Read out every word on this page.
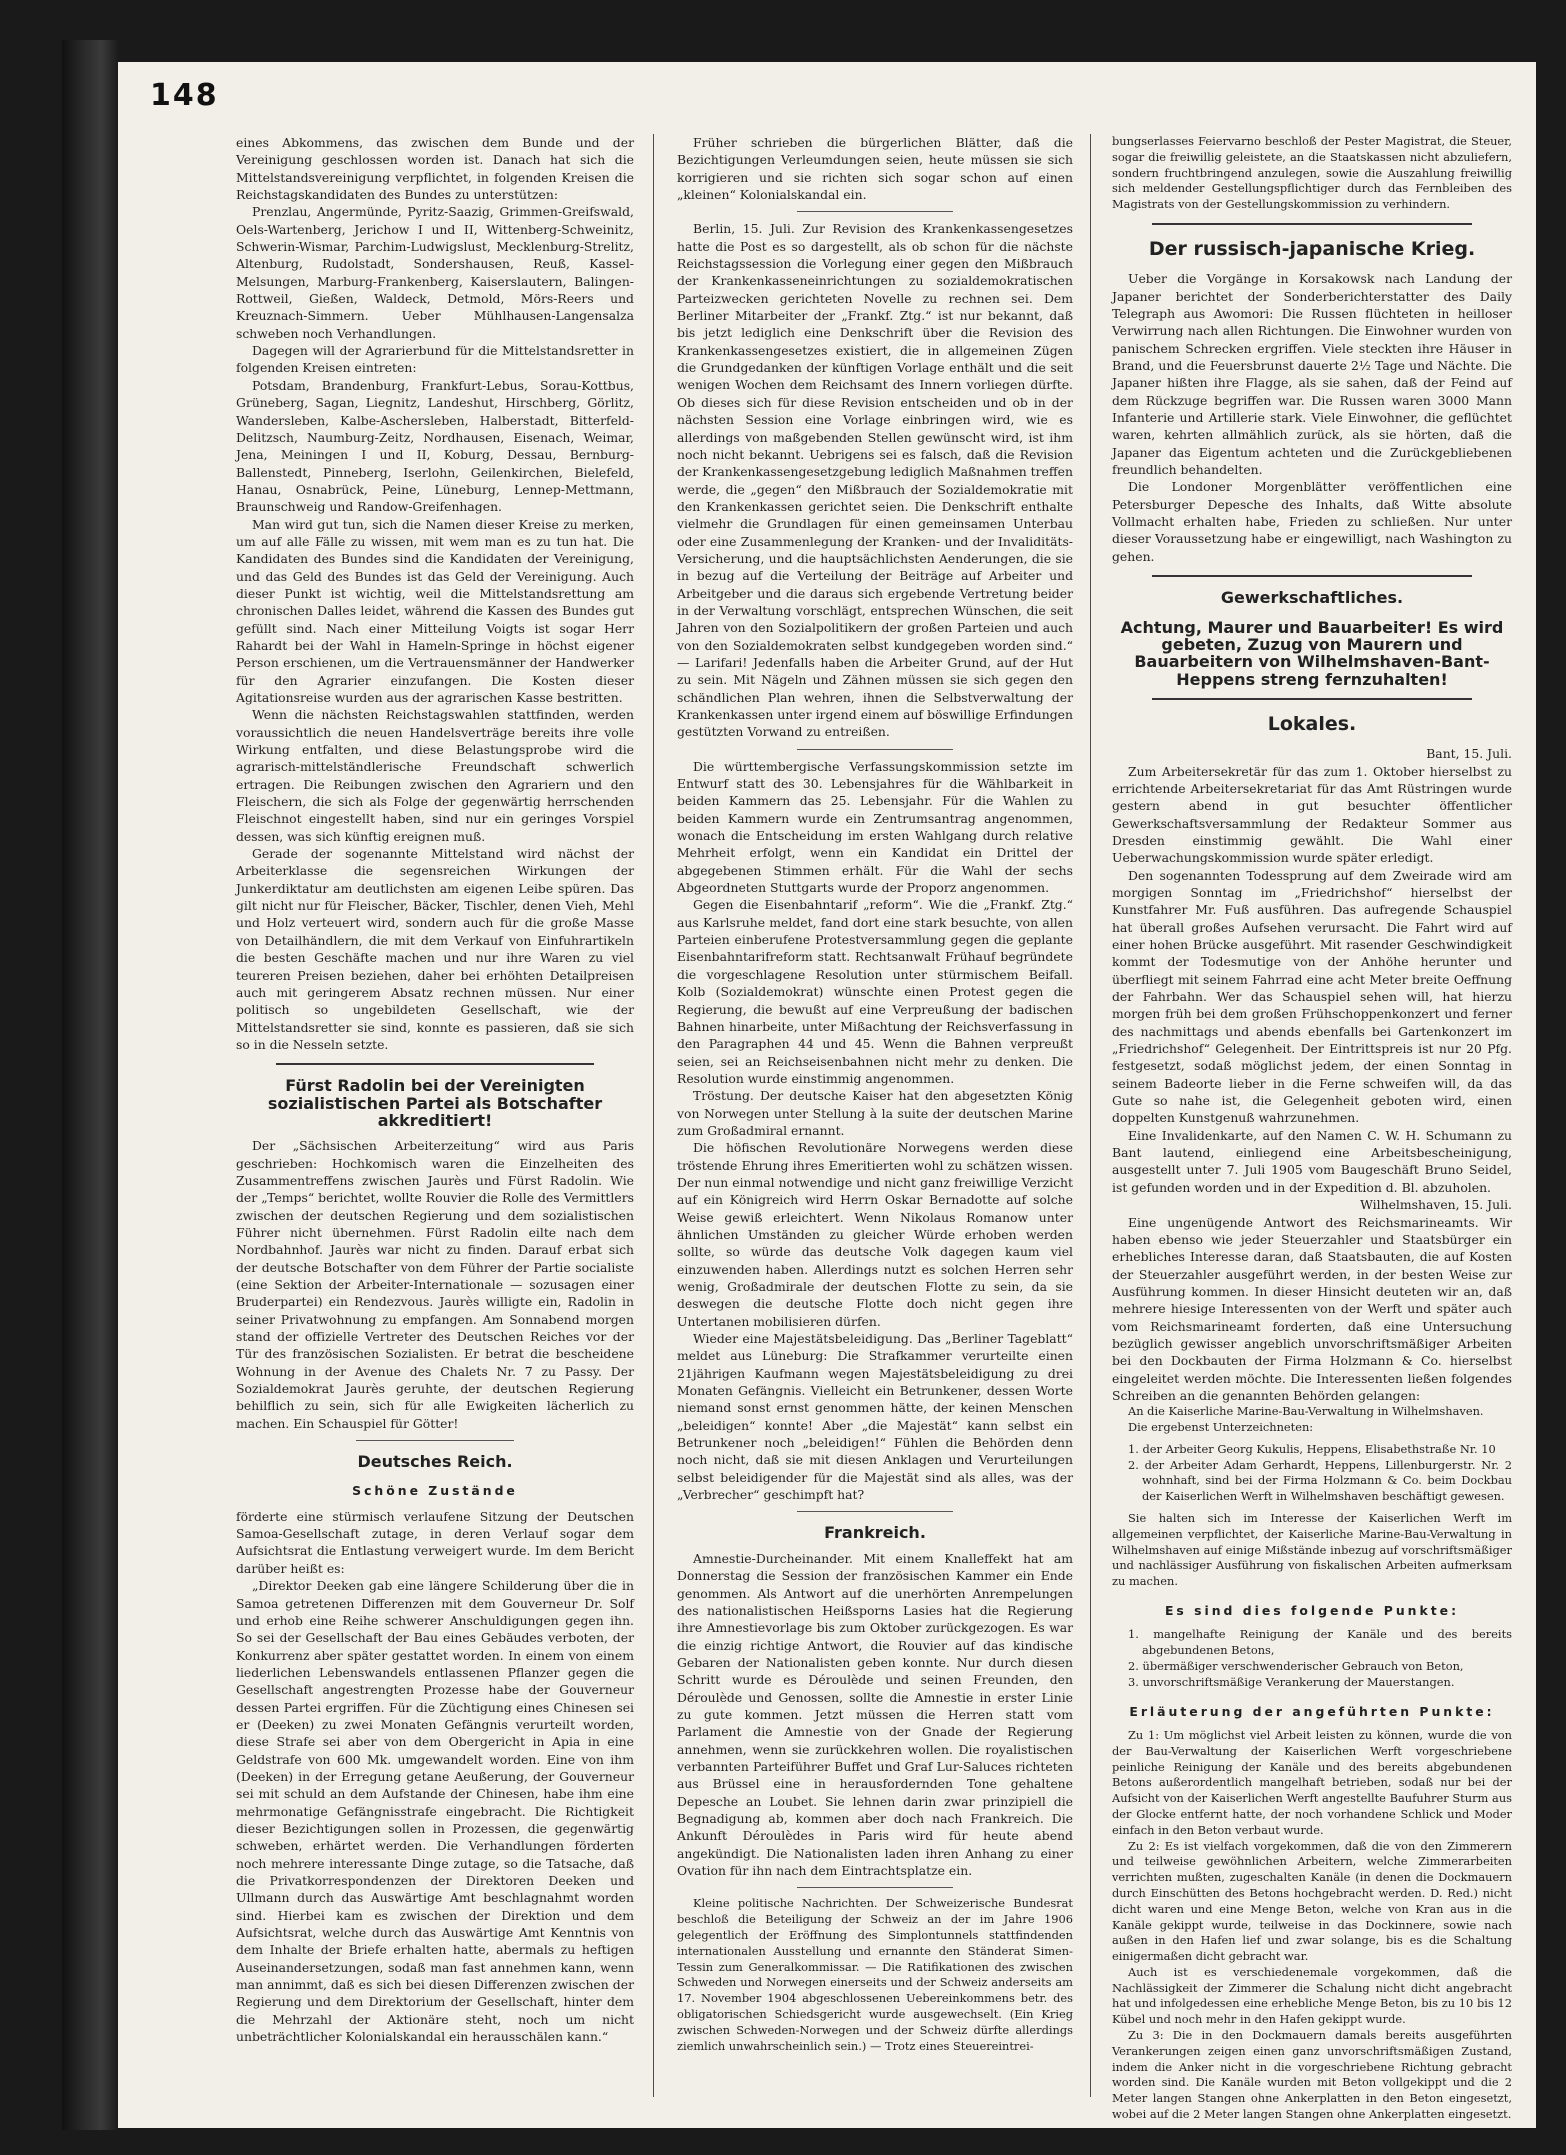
148

eines Abkommens, das zwischen dem Bunde und der Vereinigung geschlossen worden ist. Danach hat sich die Mittelstandsvereinigung verpflichtet, in folgenden Kreisen die Reichstagskandidaten des Bundes zu unterstützen:

Prenzlau, Angermünde, Pyritz-Saazig, Grimmen-Greifswald, Oels-Wartenberg, Jerichow I und II, Wittenberg-Schweinitz, Schwerin-Wismar, Parchim-Ludwigslust, Mecklenburg-Strelitz, Altenburg, Rudolstadt, Sondershausen, Reuß, Kassel-Melsungen, Marburg-Frankenberg, Kaiserslautern, Balingen-Rottweil, Gießen, Waldeck, Detmold, Mörs-Reers und Kreuznach-Simmern. Ueber Mühlhausen-Langensalza schweben noch Verhandlungen.

Dagegen will der Agrarierbund für die Mittelstandsretter in folgenden Kreisen eintreten:

Potsdam, Brandenburg, Frankfurt-Lebus, Sorau-Kottbus, Grüneberg, Sagan, Liegnitz, Landeshut, Hirschberg, Görlitz, Wandersleben, Kalbe-Aschersleben, Halberstadt, Bitterfeld-Delitzsch, Naumburg-Zeitz, Nordhausen, Eisenach, Weimar, Jena, Meiningen I und II, Koburg, Dessau, Bernburg-Ballenstedt, Pinneberg, Iserlohn, Geilenkirchen, Bielefeld, Hanau, Osnabrück, Peine, Lüneburg, Lennep-Mettmann, Braunschweig und Randow-Greifenhagen.

Man wird gut tun, sich die Namen dieser Kreise zu merken, um auf alle Fälle zu wissen, mit wem man es zu tun hat. Die Kandidaten des Bundes sind die Kandidaten der Vereinigung, und das Geld des Bundes ist das Geld der Vereinigung. Auch dieser Punkt ist wichtig, weil die Mittelstandsrettung am chronischen Dalles leidet, während die Kassen des Bundes gut gefüllt sind. Nach einer Mitteilung Voigts ist sogar Herr Rahardt bei der Wahl in Hameln-Springe in höchst eigener Person erschienen, um die Vertrauensmänner der Handwerker für den Agrarier einzufangen. Die Kosten dieser Agitationsreise wurden aus der agrarischen Kasse bestritten.

Wenn die nächsten Reichstagswahlen stattfinden, werden voraussichtlich die neuen Handelsverträge bereits ihre volle Wirkung entfalten, und diese Belastungsprobe wird die agrarisch-mittelständlerische Freundschaft schwerlich ertragen. Die Reibungen zwischen den Agrariern und den Fleischern, die sich als Folge der gegenwärtig herrschenden Fleischnot eingestellt haben, sind nur ein geringes Vorspiel dessen, was sich künftig ereignen muß.

Gerade der sogenannte Mittelstand wird nächst der Arbeiterklasse die segensreichen Wirkungen der Junkerdiktatur am deutlichsten am eigenen Leibe spüren. Das gilt nicht nur für Fleischer, Bäcker, Tischler, denen Vieh, Mehl und Holz verteuert wird, sondern auch für die große Masse von Detailhändlern, die mit dem Verkauf von Einfuhrartikeln die besten Geschäfte machen und nur ihre Waren zu viel teureren Preisen beziehen, daher bei erhöhten Detailpreisen auch mit geringerem Absatz rechnen müssen. Nur einer politisch so ungebildeten Gesellschaft, wie der Mittelstandsretter sie sind, konnte es passieren, daß sie sich so in die Nesseln setzte.

Fürst Radolin bei der Vereinigten sozialistischen Partei als Botschafter akkreditiert!

Der „Sächsischen Arbeiterzeitung“ wird aus Paris geschrieben: Hochkomisch waren die Einzelheiten des Zusammentreffens zwischen Jaurès und Fürst Radolin. Wie der „Temps“ berichtet, wollte Rouvier die Rolle des Vermittlers zwischen der deutschen Regierung und dem sozialistischen Führer nicht übernehmen. Fürst Radolin eilte nach dem Nordbahnhof. Jaurès war nicht zu finden. Darauf erbat sich der deutsche Botschafter von dem Führer der Partie socialiste (eine Sektion der Arbeiter-Internationale — sozusagen einer Bruderpartei) ein Rendezvous. Jaurès willigte ein, Radolin in seiner Privatwohnung zu empfangen. Am Sonnabend morgen stand der offizielle Vertreter des Deutschen Reiches vor der Tür des französischen Sozialisten. Er betrat die bescheidene Wohnung in der Avenue des Chalets Nr. 7 zu Passy. Der Sozialdemokrat Jaurès geruhte, der deutschen Regierung behilflich zu sein, sich für alle Ewigkeiten lächerlich zu machen. Ein Schauspiel für Götter!

Deutsches Reich.
Schöne Zustände

förderte eine stürmisch verlaufene Sitzung der Deutschen Samoa-Gesellschaft zutage, in deren Verlauf sogar dem Aufsichtsrat die Entlastung verweigert wurde. Im dem Bericht darüber heißt es:

„Direktor Deeken gab eine längere Schilderung über die in Samoa getretenen Differenzen mit dem Gouverneur Dr. Solf und erhob eine Reihe schwerer Anschuldigungen gegen ihn. So sei der Gesellschaft der Bau eines Gebäudes verboten, der Konkurrenz aber später gestattet worden. In einem von einem liederlichen Lebenswandels entlassenen Pflanzer gegen die Gesellschaft angestrengten Prozesse habe der Gouverneur dessen Partei ergriffen. Für die Züchtigung eines Chinesen sei er (Deeken) zu zwei Monaten Gefängnis verurteilt worden, diese Strafe sei aber von dem Obergericht in Apia in eine Geldstrafe von 600 Mk. umgewandelt worden. Eine von ihm (Deeken) in der Erregung getane Aeußerung, der Gouverneur sei mit schuld an dem Aufstande der Chinesen, habe ihm eine mehrmonatige Gefängnisstrafe eingebracht. Die Richtigkeit dieser Bezichtigungen sollen in Prozessen, die gegenwärtig schweben, erhärtet werden. Die Verhandlungen förderten noch mehrere interessante Dinge zutage, so die Tatsache, daß die Privatkorrespondenzen der Direktoren Deeken und Ullmann durch das Auswärtige Amt beschlagnahmt worden sind. Hierbei kam es zwischen der Direktion und dem Aufsichtsrat, welche durch das Auswärtige Amt Kenntnis von dem Inhalte der Briefe erhalten hatte, abermals zu heftigen Auseinandersetzungen, sodaß man fast annehmen kann, wenn man annimmt, daß es sich bei diesen Differenzen zwischen der Regierung und dem Direktorium der Gesellschaft, hinter dem die Mehrzahl der Aktionäre steht, noch um nicht unbeträchtlicher Kolonialskandal ein herausschälen kann.“

Früher schrieben die bürgerlichen Blätter, daß die Bezichtigungen Verleumdungen seien, heute müssen sie sich korrigieren und sie richten sich sogar schon auf einen „kleinen“ Kolonialskandal ein.

Berlin, 15. Juli. Zur Revision des Krankenkassengesetzes hatte die Post es so dargestellt, als ob schon für die nächste Reichstagssession die Vorlegung einer gegen den Mißbrauch der Krankenkasseneinrichtungen zu sozialdemokratischen Parteizwecken gerichteten Novelle zu rechnen sei. Dem Berliner Mitarbeiter der „Frankf. Ztg.“ ist nur bekannt, daß bis jetzt lediglich eine Denkschrift über die Revision des Krankenkassengesetzes existiert, die in allgemeinen Zügen die Grundgedanken der künftigen Vorlage enthält und die seit wenigen Wochen dem Reichsamt des Innern vorliegen dürfte. Ob dieses sich für diese Revision entscheiden und ob in der nächsten Session eine Vorlage einbringen wird, wie es allerdings von maßgebenden Stellen gewünscht wird, ist ihm noch nicht bekannt. Uebrigens sei es falsch, daß die Revision der Krankenkassengesetzgebung lediglich Maßnahmen treffen werde, die „gegen“ den Mißbrauch der Sozialdemokratie mit den Krankenkassen gerichtet seien. Die Denkschrift enthalte vielmehr die Grundlagen für einen gemeinsamen Unterbau oder eine Zusammenlegung der Kranken- und der Invaliditäts-Versicherung, und die hauptsächlichsten Aenderungen, die sie in bezug auf die Verteilung der Beiträge auf Arbeiter und Arbeitgeber und die daraus sich ergebende Vertretung beider in der Verwaltung vorschlägt, entsprechen Wünschen, die seit Jahren von den Sozialpolitikern der großen Parteien und auch von den Sozialdemokraten selbst kundgegeben worden sind.“ — Larifari! Jedenfalls haben die Arbeiter Grund, auf der Hut zu sein. Mit Nägeln und Zähnen müssen sie sich gegen den schändlichen Plan wehren, ihnen die Selbstverwaltung der Krankenkassen unter irgend einem auf böswillige Erfindungen gestützten Vorwand zu entreißen.

Die württembergische Verfassungskommission setzte im Entwurf statt des 30. Lebensjahres für die Wählbarkeit in beiden Kammern das 25. Lebensjahr. Für die Wahlen zu beiden Kammern wurde ein Zentrumsantrag angenommen, wonach die Entscheidung im ersten Wahlgang durch relative Mehrheit erfolgt, wenn ein Kandidat ein Drittel der abgegebenen Stimmen erhält. Für die Wahl der sechs Abgeordneten Stuttgarts wurde der Proporz angenommen.

Gegen die Eisenbahntarif „reform“. Wie die „Frankf. Ztg.“ aus Karlsruhe meldet, fand dort eine stark besuchte, von allen Parteien einberufene Protestversammlung gegen die geplante Eisenbahntarifreform statt. Rechtsanwalt Frühauf begründete die vorgeschlagene Resolution unter stürmischem Beifall. Kolb (Sozialdemokrat) wünschte einen Protest gegen die Regierung, die bewußt auf eine Verpreußung der badischen Bahnen hinarbeite, unter Mißachtung der Reichsverfassung in den Paragraphen 44 und 45. Wenn die Bahnen verpreußt seien, sei an Reichseisenbahnen nicht mehr zu denken. Die Resolution wurde einstimmig angenommen.

Tröstung. Der deutsche Kaiser hat den abgesetzten König von Norwegen unter Stellung à la suite der deutschen Marine zum Großadmiral ernannt.

Die höfischen Revolutionäre Norwegens werden diese tröstende Ehrung ihres Emeritierten wohl zu schätzen wissen. Der nun einmal notwendige und nicht ganz freiwillige Verzicht auf ein Königreich wird Herrn Oskar Bernadotte auf solche Weise gewiß erleichtert. Wenn Nikolaus Romanow unter ähnlichen Umständen zu gleicher Würde erhoben werden sollte, so würde das deutsche Volk dagegen kaum viel einzuwenden haben. Allerdings nutzt es solchen Herren sehr wenig, Großadmirale der deutschen Flotte zu sein, da sie deswegen die deutsche Flotte doch nicht gegen ihre Untertanen mobilisieren dürfen.

Wieder eine Majestätsbeleidigung. Das „Berliner Tageblatt“ meldet aus Lüneburg: Die Strafkammer verurteilte einen 21jährigen Kaufmann wegen Majestätsbeleidigung zu drei Monaten Gefängnis. Vielleicht ein Betrunkener, dessen Worte niemand sonst ernst genommen hätte, der keinen Menschen „beleidigen“ konnte! Aber „die Majestät“ kann selbst ein Betrunkener noch „beleidigen!“ Fühlen die Behörden denn noch nicht, daß sie mit diesen Anklagen und Verurteilungen selbst beleidigender für die Majestät sind als alles, was der „Verbrecher“ geschimpft hat?

Frankreich.

Amnestie-Durcheinander. Mit einem Knalleffekt hat am Donnerstag die Session der französischen Kammer ein Ende genommen. Als Antwort auf die unerhörten Anrempelungen des nationalistischen Heißsporns Lasies hat die Regierung ihre Amnestievorlage bis zum Oktober zurückgezogen. Es war die einzig richtige Antwort, die Rouvier auf das kindische Gebaren der Nationalisten geben konnte. Nur durch diesen Schritt wurde es Déroulède und seinen Freunden, den Déroulède und Genossen, sollte die Amnestie in erster Linie zu gute kommen. Jetzt müssen die Herren statt vom Parlament die Amnestie von der Gnade der Regierung annehmen, wenn sie zurückkehren wollen. Die royalistischen verbannten Parteiführer Buffet und Graf Lur-Saluces richteten aus Brüssel eine in herausfordernden Tone gehaltene Depesche an Loubet. Sie lehnen darin zwar prinzipiell die Begnadigung ab, kommen aber doch nach Frankreich. Die Ankunft Déroulèdes in Paris wird für heute abend angekündigt. Die Nationalisten laden ihren Anhang zu einer Ovation für ihn nach dem Eintrachtsplatze ein.

Kleine politische Nachrichten. Der Schweizerische Bundesrat beschloß die Beteiligung der Schweiz an der im Jahre 1906 gelegentlich der Eröffnung des Simplontunnels stattfindenden internationalen Ausstellung und ernannte den Ständerat Simen-Tessin zum Generalkommissar. — Die Ratifikationen des zwischen Schweden und Norwegen einerseits und der Schweiz anderseits am 17. November 1904 abgeschlossenen Uebereinkommens betr. des obligatorischen Schiedsgericht wurde ausgewechselt. (Ein Krieg zwischen Schweden-Norwegen und der Schweiz dürfte allerdings ziemlich unwahrscheinlich sein.) — Trotz eines Steuereintrei-

bungserlasses Feiervarno beschloß der Pester Magistrat, die Steuer, sogar die freiwillig geleistete, an die Staatskassen nicht abzuliefern, sondern fruchtbringend anzulegen, sowie die Auszahlung freiwillig sich meldender Gestellungspflichtiger durch das Fernbleiben des Magistrats von der Gestellungskommission zu verhindern.

Der russisch-japanische Krieg.

Ueber die Vorgänge in Korsakowsk nach Landung der Japaner berichtet der Sonderberichterstatter des Daily Telegraph aus Awomori: Die Russen flüchteten in heilloser Verwirrung nach allen Richtungen. Die Einwohner wurden von panischem Schrecken ergriffen. Viele steckten ihre Häuser in Brand, und die Feuersbrunst dauerte 2½ Tage und Nächte. Die Japaner hißten ihre Flagge, als sie sahen, daß der Feind auf dem Rückzuge begriffen war. Die Russen waren 3000 Mann Infanterie und Artillerie stark. Viele Einwohner, die geflüchtet waren, kehrten allmählich zurück, als sie hörten, daß die Japaner das Eigentum achteten und die Zurückgebliebenen freundlich behandelten.

Die Londoner Morgenblätter veröffentlichen eine Petersburger Depesche des Inhalts, daß Witte absolute Vollmacht erhalten habe, Frieden zu schließen. Nur unter dieser Voraussetzung habe er eingewilligt, nach Washington zu gehen.

Gewerkschaftliches.
Achtung, Maurer und Bauarbeiter! Es wird gebeten, Zuzug von Maurern und Bauarbeitern von Wilhelmshaven-Bant-Heppens streng fernzuhalten!
Lokales.

Bant, 15. Juli.

Zum Arbeitersekretär für das zum 1. Oktober hierselbst zu errichtende Arbeitersekretariat für das Amt Rüstringen wurde gestern abend in gut besuchter öffentlicher Gewerkschaftsversammlung der Redakteur Sommer aus Dresden einstimmig gewählt. Die Wahl einer Ueberwachungskommission wurde später erledigt.

Den sogenannten Todessprung auf dem Zweirade wird am morgigen Sonntag im „Friedrichshof“ hierselbst der Kunstfahrer Mr. Fuß ausführen. Das aufregende Schauspiel hat überall großes Aufsehen verursacht. Die Fahrt wird auf einer hohen Brücke ausgeführt. Mit rasender Geschwindigkeit kommt der Todesmutige von der Anhöhe herunter und überfliegt mit seinem Fahrrad eine acht Meter breite Oeffnung der Fahrbahn. Wer das Schauspiel sehen will, hat hierzu morgen früh bei dem großen Frühschoppenkonzert und ferner des nachmittags und abends ebenfalls bei Gartenkonzert im „Friedrichshof“ Gelegenheit. Der Eintrittspreis ist nur 20 Pfg. festgesetzt, sodaß möglichst jedem, der einen Sonntag in seinem Badeorte lieber in die Ferne schweifen will, da das Gute so nahe ist, die Gelegenheit geboten wird, einen doppelten Kunstgenuß wahrzunehmen.

Eine Invalidenkarte, auf den Namen C. W. H. Schumann zu Bant lautend, einliegend eine Arbeitsbescheinigung, ausgestellt unter 7. Juli 1905 vom Baugeschäft Bruno Seidel, ist gefunden worden und in der Expedition d. Bl. abzuholen.

Wilhelmshaven, 15. Juli.

Eine ungenügende Antwort des Reichsmarineamts. Wir haben ebenso wie jeder Steuerzahler und Staatsbürger ein erhebliches Interesse daran, daß Staatsbauten, die auf Kosten der Steuerzahler ausgeführt werden, in der besten Weise zur Ausführung kommen. In dieser Hinsicht deuteten wir an, daß mehrere hiesige Interessenten von der Werft und später auch vom Reichsmarineamt forderten, daß eine Untersuchung bezüglich gewisser angeblich unvorschriftsmäßiger Arbeiten bei den Dockbauten der Firma Holzmann & Co. hierselbst eingeleitet werden möchte. Die Interessenten ließen folgendes Schreiben an die genannten Behörden gelangen:

An die Kaiserliche Marine-Bau-Verwaltung in Wilhelmshaven.

Die ergebenst Unterzeichneten:

1. der Arbeiter Georg Kukulis, Heppens, Elisabethstraße Nr. 10
2. der Arbeiter Adam Gerhardt, Heppens, Lillenburgerstr. Nr. 2 wohnhaft, sind bei der Firma Holzmann & Co. beim Dockbau der Kaiserlichen Werft in Wilhelmshaven beschäftigt gewesen.

Sie halten sich im Interesse der Kaiserlichen Werft im allgemeinen verpflichtet, der Kaiserliche Marine-Bau-Verwaltung in Wilhelmshaven auf einige Mißstände inbezug auf vorschriftsmäßiger und nachlässiger Ausführung von fiskalischen Arbeiten aufmerksam zu machen.

Es sind dies folgende Punkte:
1. mangelhafte Reinigung der Kanäle und des bereits abgebundenen Betons,
2. übermäßiger verschwenderischer Gebrauch von Beton,
3. unvorschriftsmäßige Verankerung der Mauerstangen.
Erläuterung der angeführten Punkte:

Zu 1: Um möglichst viel Arbeit leisten zu können, wurde die von der Bau-Verwaltung der Kaiserlichen Werft vorgeschriebene peinliche Reinigung der Kanäle und des bereits abgebundenen Betons außerordentlich mangelhaft betrieben, sodaß nur bei der Aufsicht von der Kaiserlichen Werft angestellte Baufuhrer Sturm aus der Glocke entfernt hatte, der noch vorhandene Schlick und Moder einfach in den Beton verbaut wurde.

Zu 2: Es ist vielfach vorgekommen, daß die von den Zimmerern und teilweise gewöhnlichen Arbeitern, welche Zimmerarbeiten verrichten mußten, zugeschalten Kanäle (in denen die Dockmauern durch Einschütten des Betons hochgebracht werden. D. Red.) nicht dicht waren und eine Menge Beton, welche von Kran aus in die Kanäle gekippt wurde, teilweise in das Dockinnere, sowie nach außen in den Hafen lief und zwar solange, bis es die Schaltung einigermaßen dicht gebracht war.

Auch ist es verschiedenemale vorgekommen, daß die Nachlässigkeit der Zimmerer die Schalung nicht dicht angebracht hat und infolgedessen eine erhebliche Menge Beton, bis zu 10 bis 12 Kübel und noch mehr in den Hafen gekippt wurde.

Zu 3: Die in den Dockmauern damals bereits ausgeführten Verankerungen zeigen einen ganz unvorschriftsmäßigen Zustand, indem die Anker nicht in die vorgeschriebene Richtung gebracht worden sind. Die Kanäle wurden mit Beton vollgekippt und die 2 Meter langen Stangen ohne Ankerplatten in den Beton eingesetzt, wobei auf die 2 Meter langen Stangen ohne Ankerplatten eingesetzt.
